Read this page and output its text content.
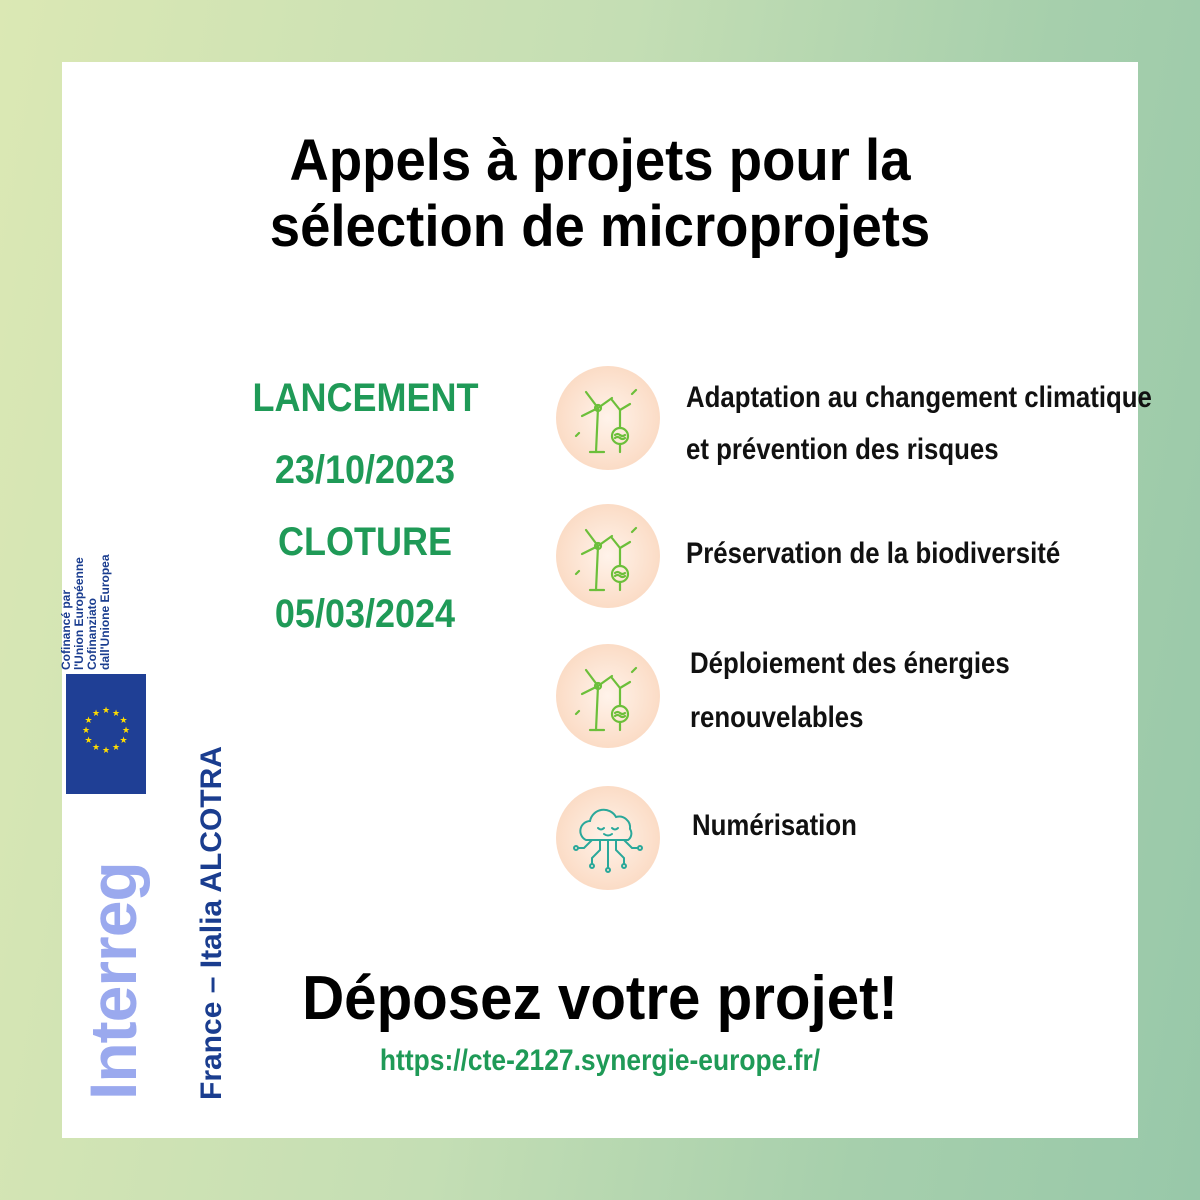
Appels à projets pour la
sélection de microprojets
LANCEMENT
23/10/2023
CLOTURE
05/03/2024
Adaptation au changement climatique
et prévention des risques
Préservation de la biodiversité
Déploiement des énergies
renouvelables
Numérisation
Déposez votre projet!
https://cte-2127.synergie-europe.fr/
Cofinancé par l'Union Européenne Cofinanziato dall'Unione Europea
★ ★
★
★
★
★
★
★
★
★
★
★
Interreg France – Italia ALCOTRA
